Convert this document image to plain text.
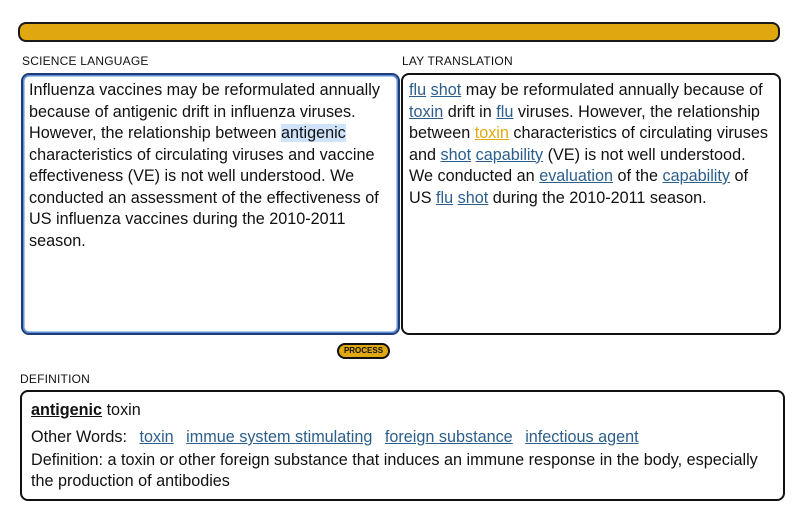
SCIENCE LANGUAGE	LAY TRANSLATION
Influenza vaccines may be reformulated annually because of antigenic drift in influenza viruses. However, the relationship between antigenic characteristics of circulating viruses and vaccine effectiveness (VE) is not well understood. We conducted an assessment of the effectiveness of US influenza vaccines during the 2010-2011 season.
flu shot may be reformulated annually because of toxin drift in flu viruses. However, the relationship between toxin characteristics of circulating viruses and shot capability (VE) is not well understood. We conducted an evaluation of the capability of US flu shot during the 2010-2011 season.
PROCESS
DEFINITION
antigenic toxin
Other Words: toxin immue system stimulating foreign substance infectious agent
Definition: a toxin or other foreign substance that induces an immune response in the body, especially the production of antibodies
